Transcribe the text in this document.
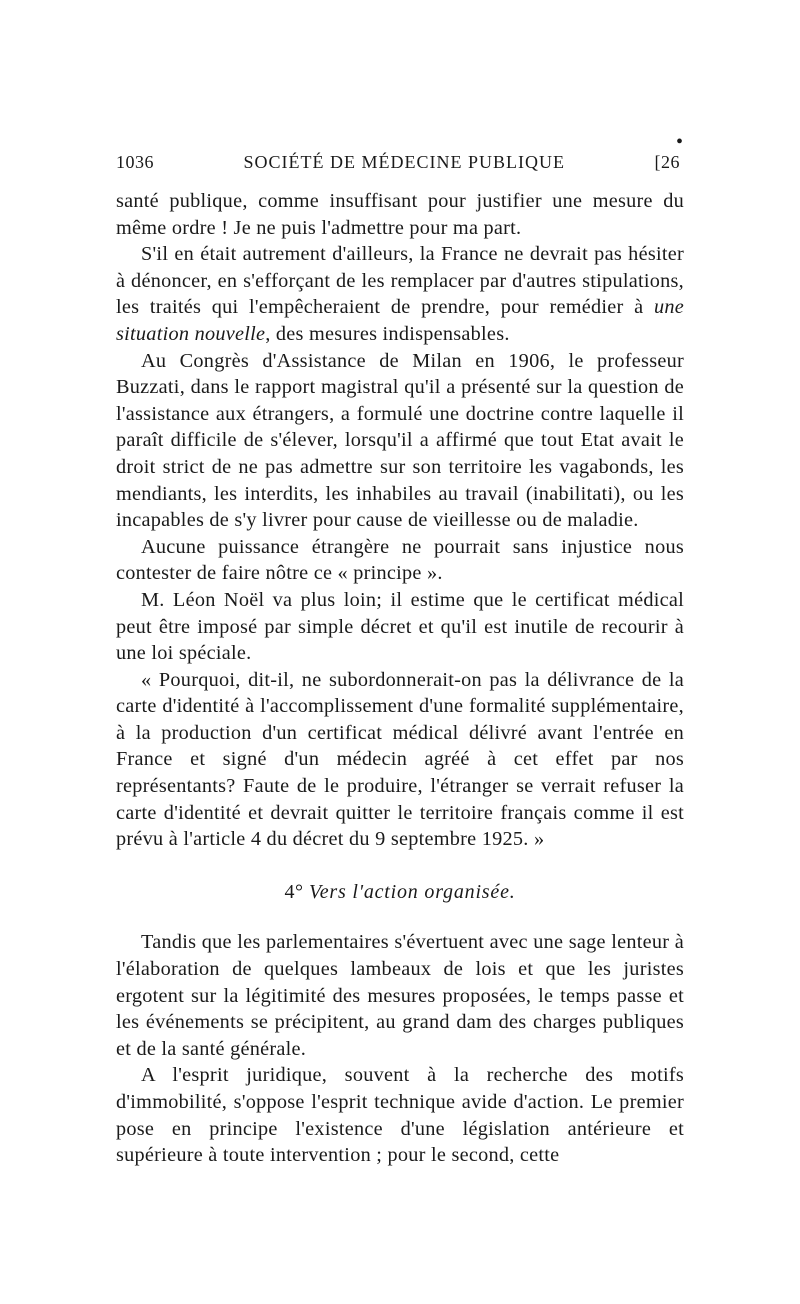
•
1036	SOCIÉTÉ DE MÉDECINE PUBLIQUE	[26

santé publique, comme insuffisant pour justifier une mesure du même ordre ! Je ne puis l'admettre pour ma part.

S'il en était autrement d'ailleurs, la France ne devrait pas hésiter à dénoncer, en s'efforçant de les remplacer par d'autres stipulations, les traités qui l'empêcheraient de prendre, pour remédier à une situation nouvelle, des mesures indispensables.

Au Congrès d'Assistance de Milan en 1906, le professeur Buzzati, dans le rapport magistral qu'il a présenté sur la question de l'assistance aux étrangers, a formulé une doctrine contre laquelle il paraît difficile de s'élever, lorsqu'il a affirmé que tout Etat avait le droit strict de ne pas admettre sur son territoire les vagabonds, les mendiants, les interdits, les inhabiles au travail (inabilitati), ou les incapables de s'y livrer pour cause de vieillesse ou de maladie.

Aucune puissance étrangère ne pourrait sans injustice nous contester de faire nôtre ce « principe ».

M. Léon Noël va plus loin; il estime que le certificat médical peut être imposé par simple décret et qu'il est inutile de recourir à une loi spéciale.

« Pourquoi, dit-il, ne subordonnerait-on pas la délivrance de la carte d'identité à l'accomplissement d'une formalité supplémentaire, à la production d'un certificat médical délivré avant l'entrée en France et signé d'un médecin agréé à cet effet par nos représentants? Faute de le produire, l'étranger se verrait refuser la carte d'identité et devrait quitter le territoire français comme il est prévu à l'article 4 du décret du 9 septembre 1925. »

4° Vers l'action organisée.

Tandis que les parlementaires s'évertuent avec une sage lenteur à l'élaboration de quelques lambeaux de lois et que les juristes ergotent sur la légitimité des mesures proposées, le temps passe et les événements se précipitent, au grand dam des charges publiques et de la santé générale.

A l'esprit juridique, souvent à la recherche des motifs d'immobilité, s'oppose l'esprit technique avide d'action. Le premier pose en principe l'existence d'une législation antérieure et supérieure à toute intervention ; pour le second, cette
